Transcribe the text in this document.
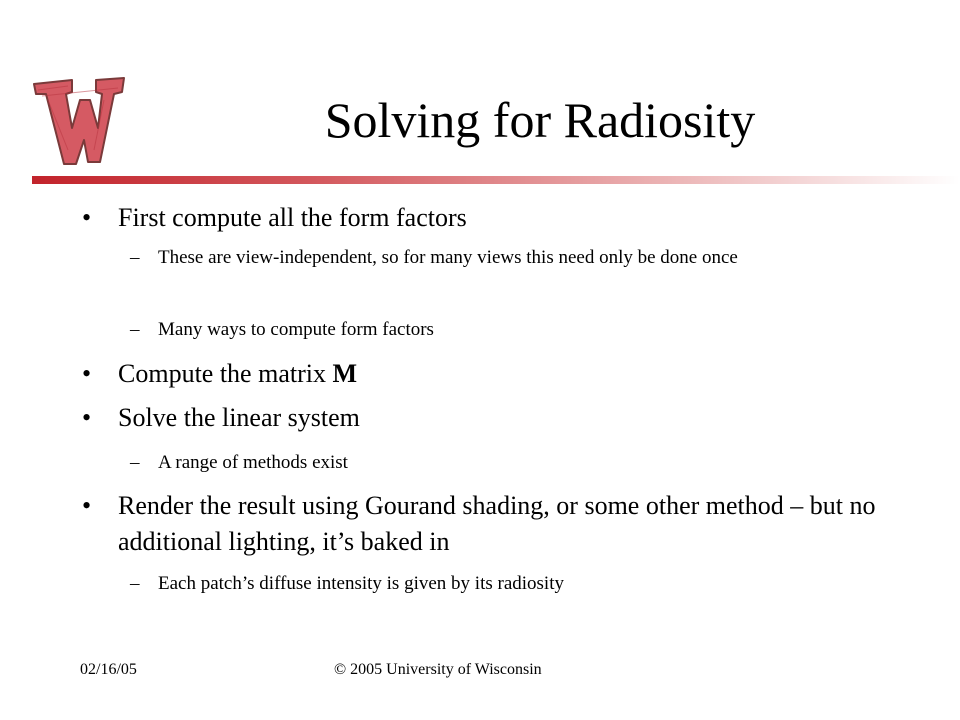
Solving for Radiosity
• First compute all the form factors
– These are view-independent, so for many views this need only be done once
– Many ways to compute form factors
• Compute the matrix M
• Solve the linear system
– A range of methods exist
• Render the result using Gourand shading, or some other method – but no additional lighting, it’s baked in
– Each patch’s diffuse intensity is given by its radiosity
02/16/05	© 2005 University of Wisconsin
